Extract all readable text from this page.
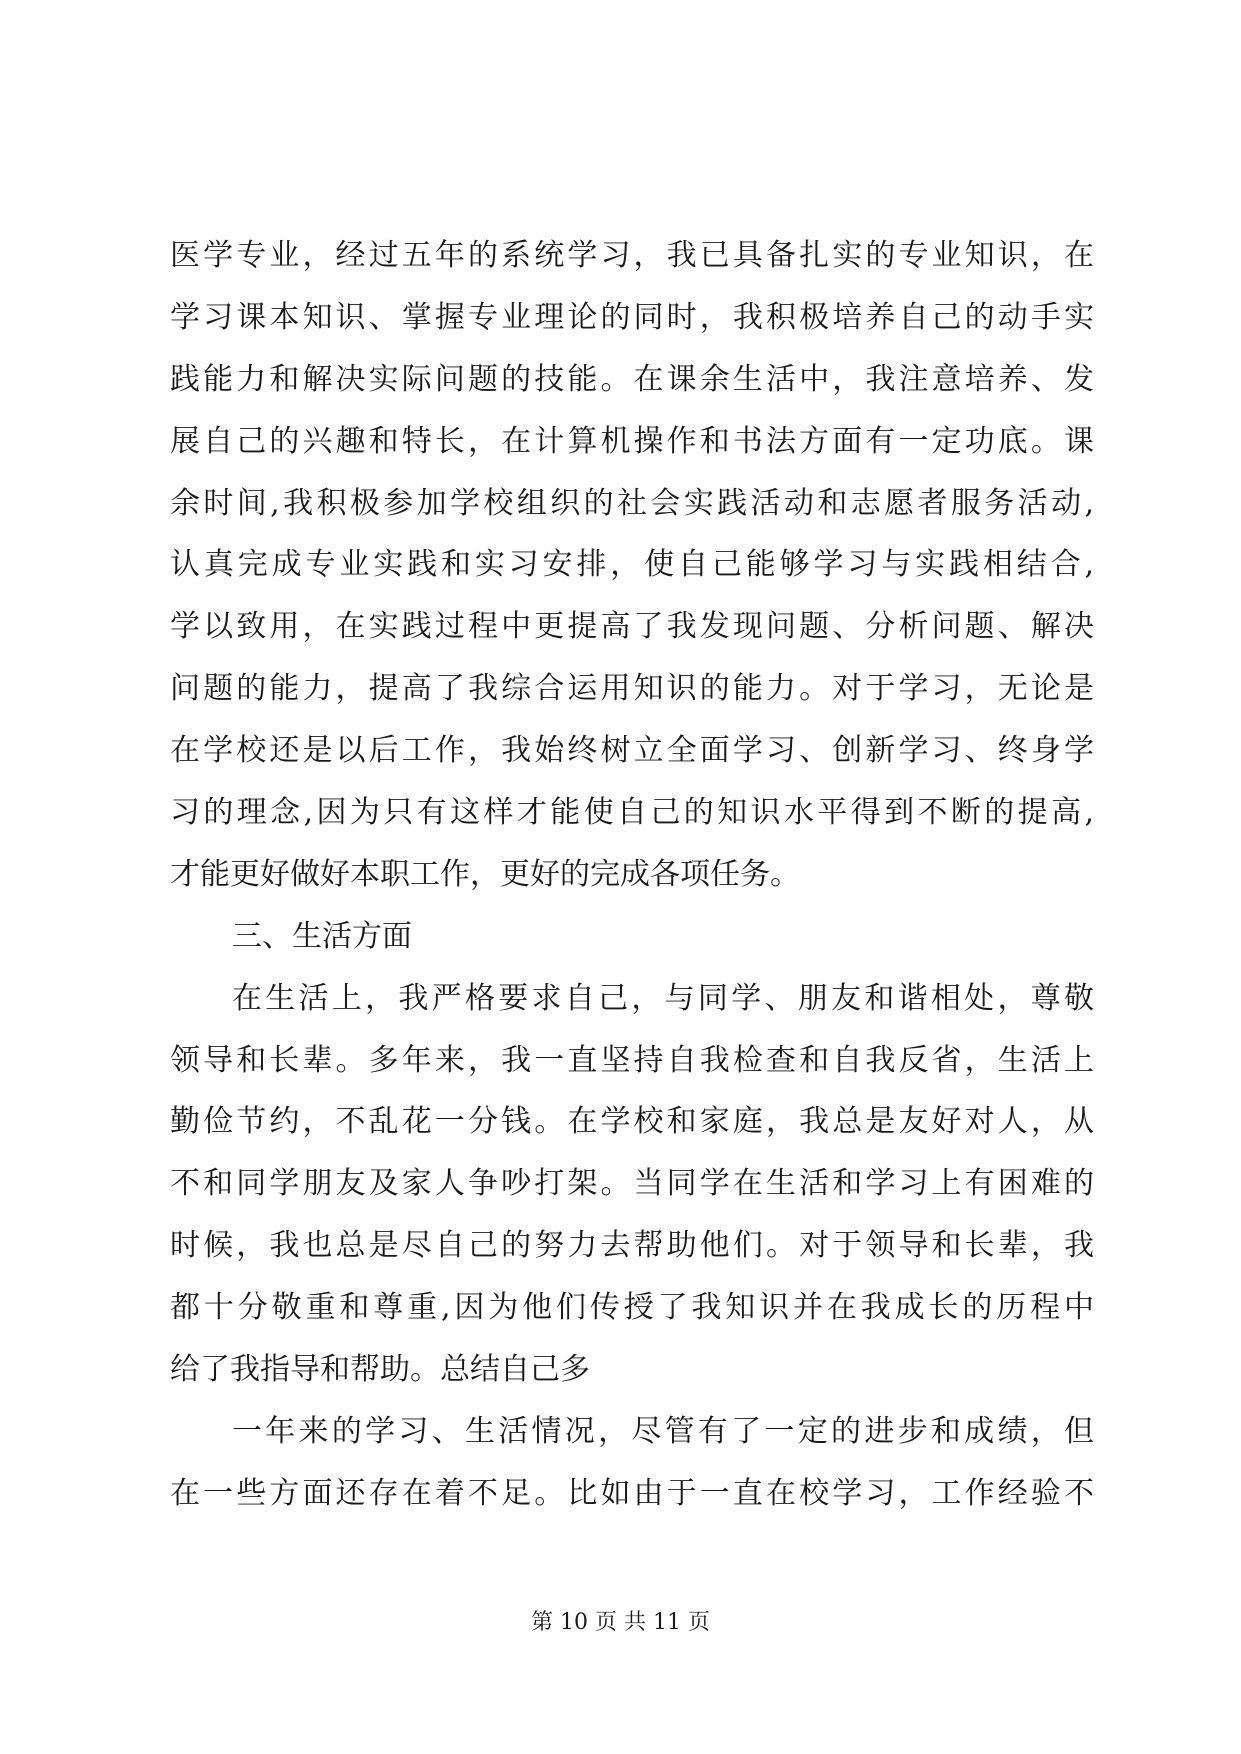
医学专业，经过五年的系统学习，我已具备扎实的专业知识，在
学习课本知识、掌握专业理论的同时，我积极培养自己的动手实
践能力和解决实际问题的技能。在课余生活中，我注意培养、发
展自己的兴趣和特长，在计算机操作和书法方面有一定功底。课
余时间,我积极参加学校组织的社会实践活动和志愿者服务活动,
认真完成专业实践和实习安排，使自己能够学习与实践相结合,
学以致用，在实践过程中更提高了我发现问题、分析问题、解决
问题的能力，提高了我综合运用知识的能力。对于学习，无论是
在学校还是以后工作，我始终树立全面学习、创新学习、终身学
习的理念,因为只有这样才能使自己的知识水平得到不断的提高,
才能更好做好本职工作，更好的完成各项任务。
三、生活方面
在生活上，我严格要求自己，与同学、朋友和谐相处，尊敬
领导和长辈。多年来，我一直坚持自我检查和自我反省，生活上
勤俭节约，不乱花一分钱。在学校和家庭，我总是友好对人，从
不和同学朋友及家人争吵打架。当同学在生活和学习上有困难的
时候，我也总是尽自己的努力去帮助他们。对于领导和长辈，我
都十分敬重和尊重,因为他们传授了我知识并在我成长的历程中
给了我指导和帮助。总结自己多
一年来的学习、生活情况，尽管有了一定的进步和成绩，但
在一些方面还存在着不足。比如由于一直在校学习，工作经验不
第 10 页 共 11 页
